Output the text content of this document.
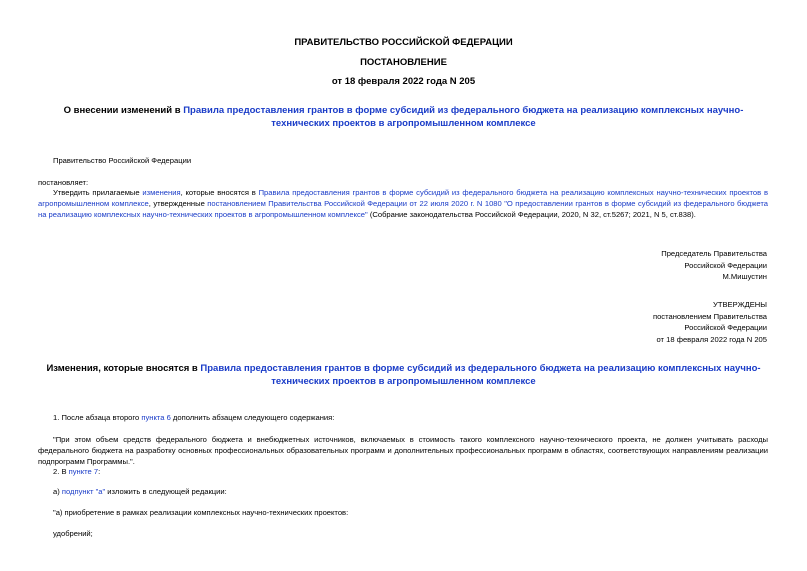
ПРАВИТЕЛЬСТВО РОССИЙСКОЙ ФЕДЕРАЦИИ
ПОСТАНОВЛЕНИЕ
от 18 февраля 2022 года N 205
О внесении изменений в Правила предоставления грантов в форме субсидий из федерального бюджета на реализацию комплексных научно-технических проектов в агропромышленном комплексе
Правительство Российской Федерации
постановляет:
Утвердить прилагаемые изменения, которые вносятся в Правила предоставления грантов в форме субсидий из федерального бюджета на реализацию комплексных научно-технических проектов в агропромышленном комплексе, утвержденные постановлением Правительства Российской Федерации от 22 июля 2020 г. N 1080 "О предоставлении грантов в форме субсидий из федерального бюджета на реализацию комплексных научно-технических проектов в агропромышленном комплексе" (Собрание законодательства Российской Федерации, 2020, N 32, ст.5267; 2021, N 5, ст.838).

Председатель Правительства

Российской Федерации

М.Мишустин

УТВЕРЖДЕНЫ

постановлением Правительства

Российской Федерации

от 18 февраля 2022 года N 205

Изменения, которые вносятся в Правила предоставления грантов в форме субсидий из федерального бюджета на реализацию комплексных научно-технических проектов в агропромышленном комплексе
1. После абзаца второго пункта 6 дополнить абзацем следующего содержания:
"При этом объем средств федерального бюджета и внебюджетных источников, включаемых в стоимость такого комплексного научно-технического проекта, не должен учитывать расходы федерального бюджета на разработку основных профессиональных образовательных программ и дополнительных профессиональных программ в областях, соответствующих направлениям реализации подпрограмм Программы.".
2. В пункте 7:
а) подпункт "а" изложить в следующей редакции:
"а) приобретение в рамках реализации комплексных научно-технических проектов:
удобрений;
